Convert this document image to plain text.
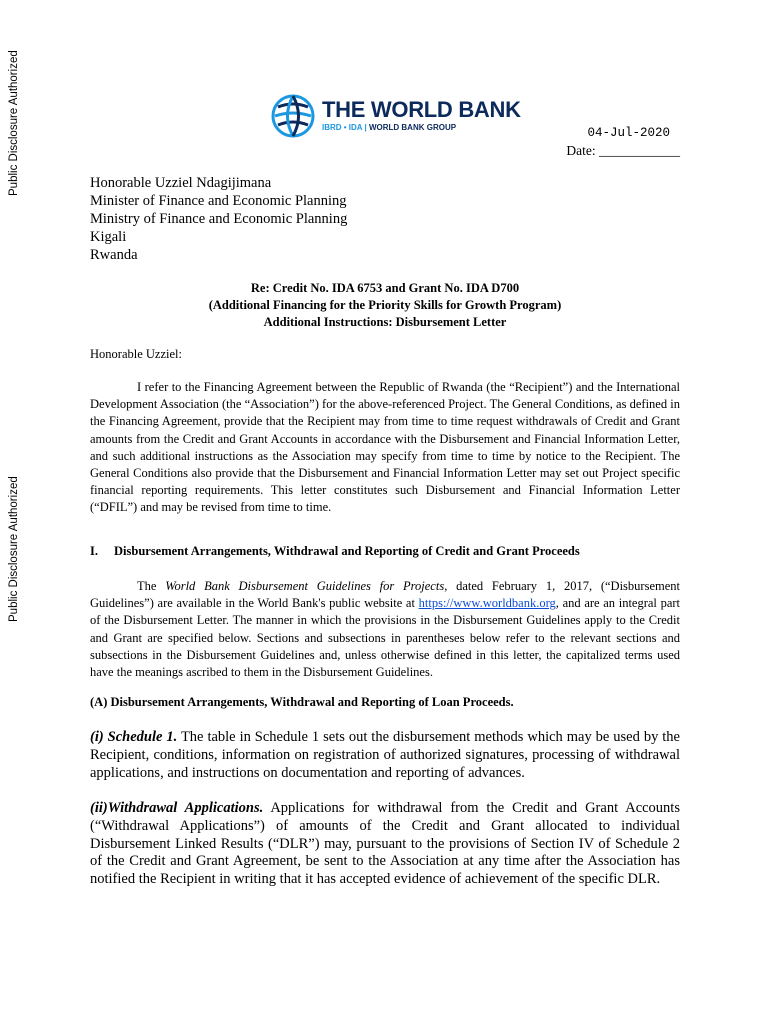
Public Disclosure Authorized
Public Disclosure Authorized
THE WORLD BANK
IBRD • IDA | WORLD BANK GROUP	04-Jul-2020
Date: ____________
Honorable Uzziel Ndagijimana
Minister of Finance and Economic Planning
Ministry of Finance and Economic Planning
Kigali
Rwanda
Re: Credit No. IDA 6753 and Grant No. IDA D700
(Additional Financing for the Priority Skills for Growth Program)
Additional Instructions: Disbursement Letter
Honorable Uzziel:
I refer to the Financing Agreement between the Republic of Rwanda (the “Recipient”) and the International Development Association (the “Association”) for the above-referenced Project. The General Conditions, as defined in the Financing Agreement, provide that the Recipient may from time to time request withdrawals of Credit and Grant amounts from the Credit and Grant Accounts in accordance with the Disbursement and Financial Information Letter, and such additional instructions as the Association may specify from time to time by notice to the Recipient. The General Conditions also provide that the Disbursement and Financial Information Letter may set out Project specific financial reporting requirements. This letter constitutes such Disbursement and Financial Information Letter (“DFIL”) and may be revised from time to time.
I. Disbursement Arrangements, Withdrawal and Reporting of Credit and Grant Proceeds
The World Bank Disbursement Guidelines for Projects, dated February 1, 2017, (“Disbursement Guidelines”) are available in the World Bank's public website at https://www.worldbank.org, and are an integral part of the Disbursement Letter. The manner in which the provisions in the Disbursement Guidelines apply to the Credit and Grant are specified below. Sections and subsections in parentheses below refer to the relevant sections and subsections in the Disbursement Guidelines and, unless otherwise defined in this letter, the capitalized terms used have the meanings ascribed to them in the Disbursement Guidelines.
(A) Disbursement Arrangements, Withdrawal and Reporting of Loan Proceeds.
(i) Schedule 1. The table in Schedule 1 sets out the disbursement methods which may be used by the Recipient, conditions, information on registration of authorized signatures, processing of withdrawal applications, and instructions on documentation and reporting of advances.
(ii)Withdrawal Applications. Applications for withdrawal from the Credit and Grant Accounts (“Withdrawal Applications”) of amounts of the Credit and Grant allocated to individual Disbursement Linked Results (“DLR”) may, pursuant to the provisions of Section IV of Schedule 2 of the Credit and Grant Agreement, be sent to the Association at any time after the Association has notified the Recipient in writing that it has accepted evidence of achievement of the specific DLR.
